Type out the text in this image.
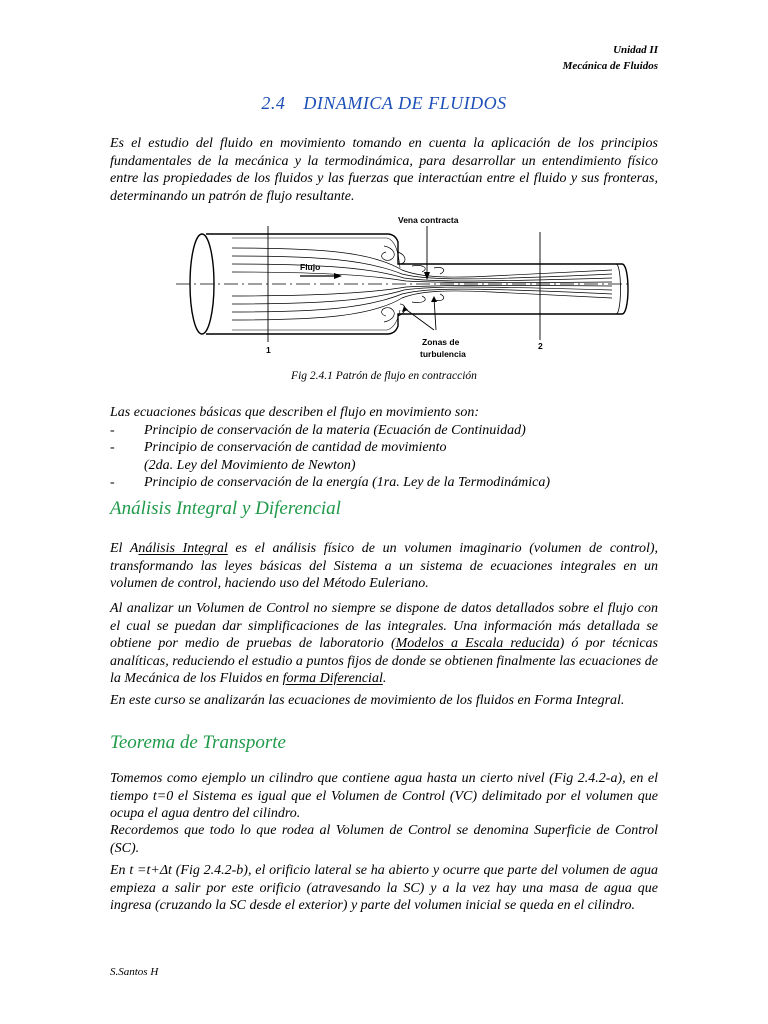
Unidad II
Mecánica de Fluidos
2.4 DINAMICA DE FLUIDOS

Es el estudio del fluido en movimiento tomando en cuenta la aplicación de los principios fundamentales de la mecánica y la termodinámica, para desarrollar un entendimiento físico entre las propiedades de los fluidos y las fuerzas que interactúan entre el fluido y sus fronteras, determinando un patrón de flujo resultante.

Vena contracta
Flujo
Zonas de
turbulencia
1	2
Fig 2.4.1 Patrón de flujo en contracción
Las ecuaciones básicas que describen el flujo en movimiento son:
-	Principio de conservación de la materia (Ecuación de Continuidad)
-	Principio de conservación de cantidad de movimiento
(2da. Ley del Movimiento de Newton)
-	Principio de conservación de la energía (1ra. Ley de la Termodinámica)
Análisis Integral y Diferencial

El Análisis Integral es el análisis físico de un volumen imaginario (volumen de control), transformando las leyes básicas del Sistema a un sistema de ecuaciones integrales en un volumen de control, haciendo uso del Método Euleriano.

Al analizar un Volumen de Control no siempre se dispone de datos detallados sobre el flujo con el cual se puedan dar simplificaciones de las integrales. Una información más detallada se obtiene por medio de pruebas de laboratorio (Modelos a Escala reducida) ó por técnicas analíticas, reduciendo el estudio a puntos fijos de donde se obtienen finalmente las ecuaciones de la Mecánica de los Fluidos en forma Diferencial.

En este curso se analizarán las ecuaciones de movimiento de los fluidos en Forma Integral.

Teorema de Transporte

Tomemos como ejemplo un cilindro que contiene agua hasta un cierto nivel (Fig 2.4.2-a), en el tiempo t=0 el Sistema es igual que el Volumen de Control (VC) delimitado por el volumen que ocupa el agua dentro del cilindro.

Recordemos que todo lo que rodea al Volumen de Control se denomina Superficie de Control (SC).

En t =t+Δt (Fig 2.4.2-b), el orificio lateral se ha abierto y ocurre que parte del volumen de agua empieza a salir por este orificio (atravesando la SC) y a la vez hay una masa de agua que ingresa (cruzando la SC desde el exterior) y parte del volumen inicial se queda en el cilindro.

S.Santos H
